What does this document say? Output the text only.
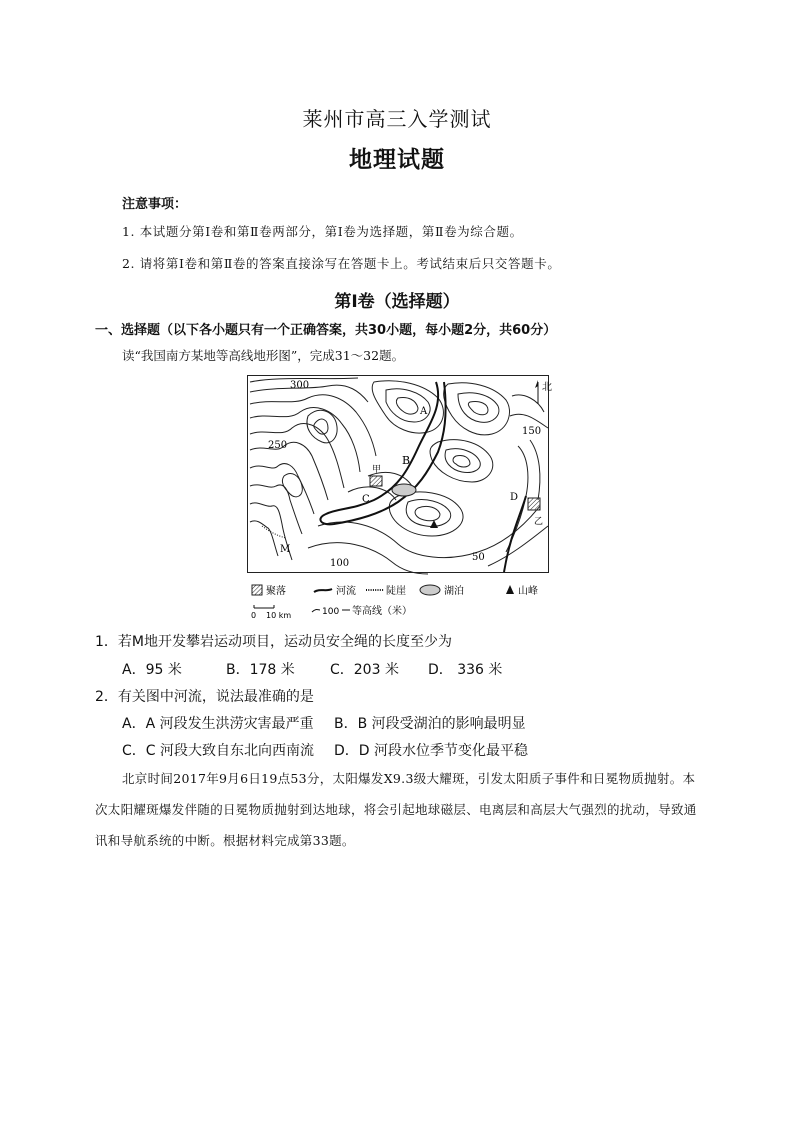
莱州市高三入学测试
地理试题
注意事项：
1. 本试题分第Ⅰ卷和第Ⅱ卷两部分，第Ⅰ卷为选择题，第Ⅱ卷为综合题。
2. 请将第Ⅰ卷和第Ⅱ卷的答案直接涂写在答题卡上。考试结束后只交答题卡。
第Ⅰ卷（选择题）
一、选择题（以下各小题只有一个正确答案，共30小题，每小题2分，共60分）
读“我国南方某地等高线地形图”，完成31～32题。
北
300
250
150
100
50
A
B
C	D
M
甲
乙
聚落	河流	陡崖	湖泊	山峰
0 10 km	100 等高线（米）
1．若M地开发攀岩运动项目，运动员安全绳的长度至少为
A．95 米	B．178 米	C．203 米 D． 336 米
2．有关图中河流，说法最准确的是
A．A 河段发生洪涝灾害最严重 B．B 河段受湖泊的影响最明显
C．C 河段大致自东北向西南流 D．D 河段水位季节变化最平稳
北京时间2017年9月6日19点53分，太阳爆发X9.3级大耀斑，引发太阳质子事件和日冕物质抛射。本次太阳耀斑爆发伴随的日冕物质抛射到达地球，将会引起地球磁层、电离层和高层大气强烈的扰动，导致通讯和导航系统的中断。根据材料完成第33题。
